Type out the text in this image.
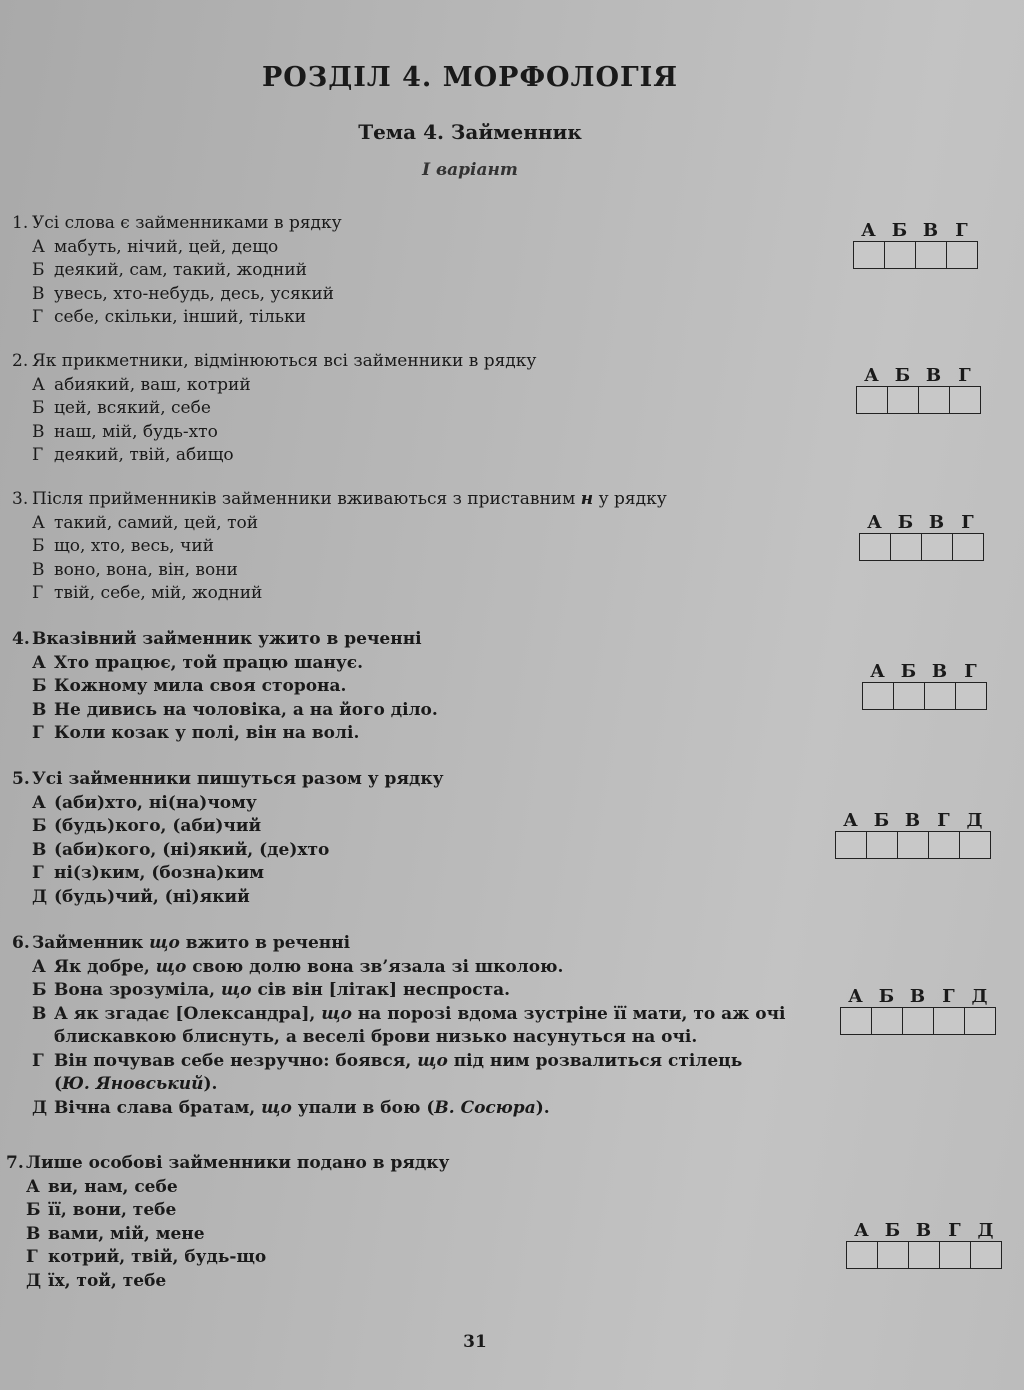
РОЗДІЛ 4. МОРФОЛОГІЯ
Тема 4. Займенник
I варіант
1. Усі слова є займенниками в рядку
А мабуть, нічий, цей, дещо
Б деякий, сам, такий, жодний
В увесь, хто-небудь, десь, усякий
Г себе, скільки, інший, тільки
А Б В Г
2. Як прикметники, відмінюються всі займенники в рядку
А абиякий, ваш, котрий
Б цей, всякий, себе
В наш, мій, будь-хто
Г деякий, твій, абищо
А Б В Г
3. Після прийменників займенники вживаються з приставним н у рядку
А такий, самий, цей, той
Б що, хто, весь, чий
В воно, вона, він, вони
Г твій, себе, мій, жодний
А Б В Г
4. Вказівний займенник ужито в реченні
А Хто працює, той працю шанує.
Б Кожному мила своя сторона.
В Не дивись на чоловіка, а на його діло.
Г Коли козак у полі, він на волі.
А Б В Г
5. Усі займенники пишуться разом у рядку
А (аби)хто, ні(на)чому
Б (будь)кого, (аби)чий
В (аби)кого, (ні)який, (де)хто
Г ні(з)ким, (бозна)ким
Д (будь)чий, (ні)який
А Б В Г Д
6. Займенник що вжито в реченні
А Як добре, що свою долю вона зв’язала зі школою.
Б Вона зрозуміла, що сів він [літак] неспроста.
В А як згадає [Олександра], що на порозі вдома зустріне її мати, то аж очі
блискавкою блиснуть, а веселі брови низько насунуться на очі.
Г Він почував себе незручно: боявся, що під ним розвалиться стілець
(Ю. Яновський).
Д Вічна слава братам, що упали в бою (В. Сосюра).
А Б В Г Д
7. Лише особові займенники подано в рядку
А ви, нам, себе
Б її, вони, тебе
В вами, мій, мене
Г котрий, твій, будь-що
Д їх, той, тебе
А Б В Г Д
31
